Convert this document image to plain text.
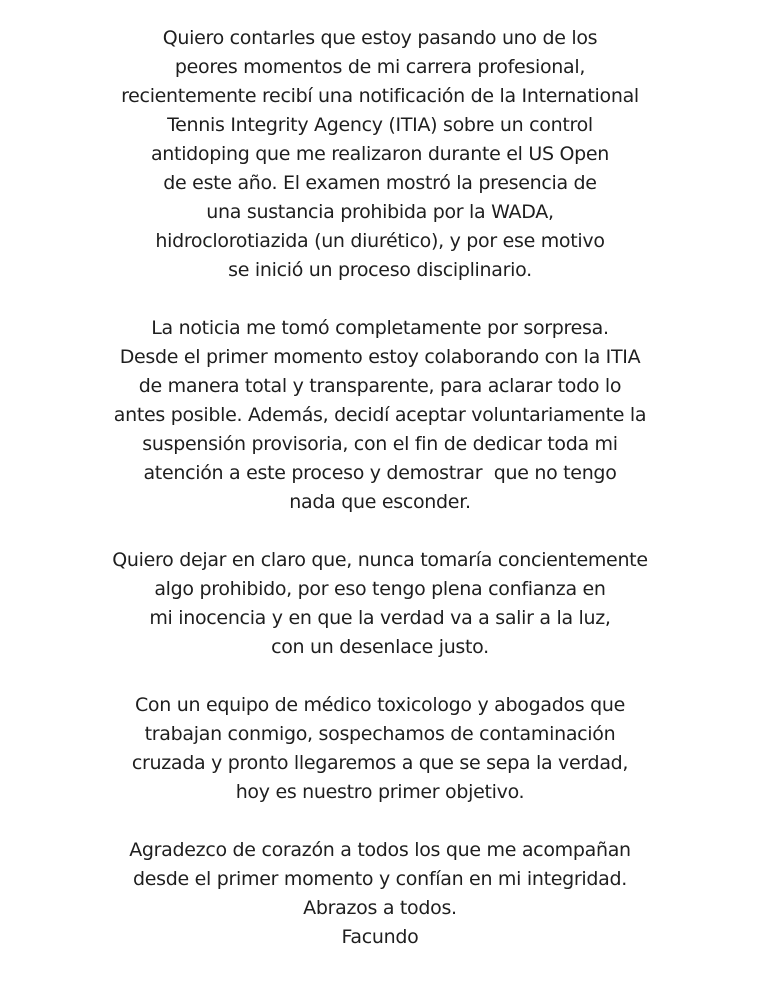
Quiero contarles que estoy pasando uno de los
peores momentos de mi carrera profesional,
recientemente recibí una notificación de la International
Tennis Integrity Agency (ITIA) sobre un control
antidoping que me realizaron durante el US Open
de este año. El examen mostró la presencia de
una sustancia prohibida por la WADA,
hidroclorotiazida (un diurético), y por ese motivo
se inició un proceso disciplinario.
La noticia me tomó completamente por sorpresa.
Desde el primer momento estoy colaborando con la ITIA
de manera total y transparente, para aclarar todo lo
antes posible. Además, decidí aceptar voluntariamente la
suspensión provisoria, con el fin de dedicar toda mi
atención a este proceso y demostrar  que no tengo
nada que esconder.
Quiero dejar en claro que, nunca tomaría concientemente
algo prohibido, por eso tengo plena confianza en
mi inocencia y en que la verdad va a salir a la luz,
con un desenlace justo.
Con un equipo de médico toxicologo y abogados que
trabajan conmigo, sospechamos de contaminación
cruzada y pronto llegaremos a que se sepa la verdad,
hoy es nuestro primer objetivo.
Agradezco de corazón a todos los que me acompañan
desde el primer momento y confían en mi integridad.
Abrazos a todos.
Facundo
